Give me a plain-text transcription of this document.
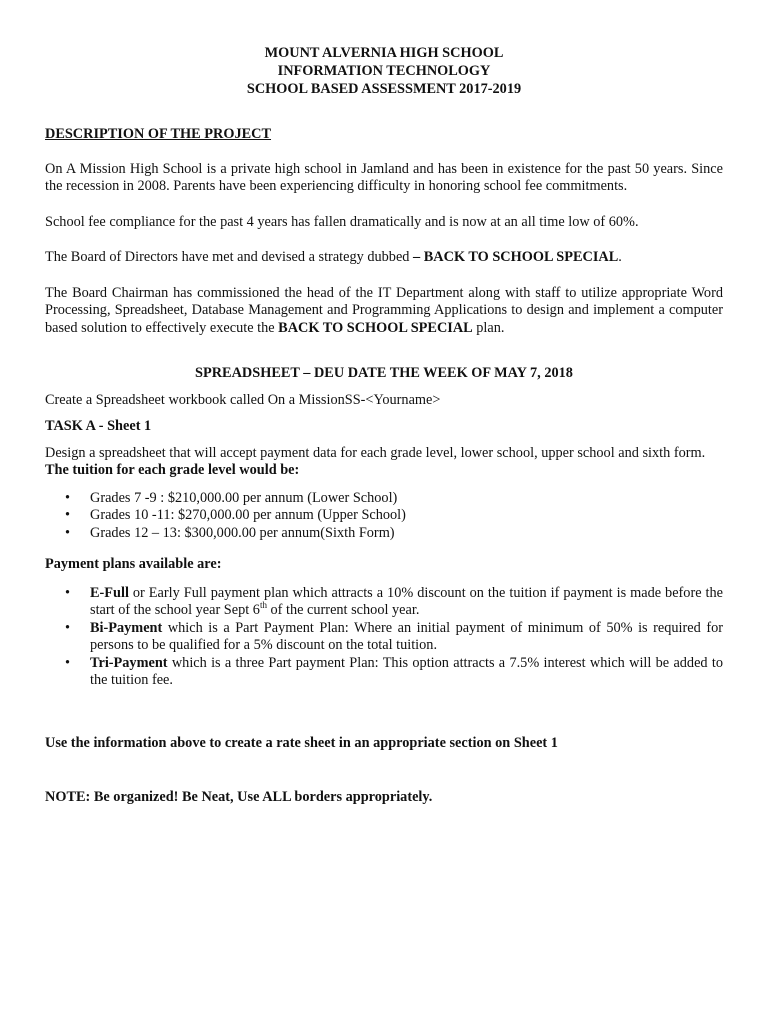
MOUNT ALVERNIA HIGH SCHOOL
INFORMATION TECHNOLOGY
SCHOOL BASED ASSESSMENT 2017-2019
DESCRIPTION OF THE PROJECT

On A Mission High School is a private high school in Jamland and has been in existence for the past 50 years. Since the recession in 2008. Parents have been experiencing difficulty in honoring school fee commitments.

School fee compliance for the past 4 years has fallen dramatically and is now at an all time low of 60%.

The Board of Directors have met and devised a strategy dubbed – BACK TO SCHOOL SPECIAL.

The Board Chairman has commissioned the head of the IT Department along with staff to utilize appropriate Word Processing, Spreadsheet, Database Management and Programming Applications to design and implement a computer based solution to effectively execute the BACK TO SCHOOL SPECIAL plan.

SPREADSHEET – DEU DATE THE WEEK OF MAY 7, 2018

Create a Spreadsheet workbook called On a MissionSS-<Yourname>

TASK A - Sheet 1

Design a spreadsheet that will accept payment data for each grade level, lower school, upper school and sixth form.

The tuition for each grade level would be:
• Grades 7 -9 : $210,000.00 per annum (Lower School)
• Grades 10 -11: $270,000.00 per annum (Upper School)
• Grades 12 – 13: $300,000.00 per annum(Sixth Form)
Payment plans available are:
• E-Full or Early Full payment plan which attracts a 10% discount on the tuition if payment is made before the start of the school year Sept 6th of the current school year.
• Bi-Payment which is a Part Payment Plan: Where an initial payment of minimum of 50% is required for persons to be qualified for a 5% discount on the total tuition.
• Tri-Payment which is a three Part payment Plan: This option attracts a 7.5% interest which will be added to the tuition fee.
Use the information above to create a rate sheet in an appropriate section on Sheet 1
NOTE: Be organized! Be Neat, Use ALL borders appropriately.
